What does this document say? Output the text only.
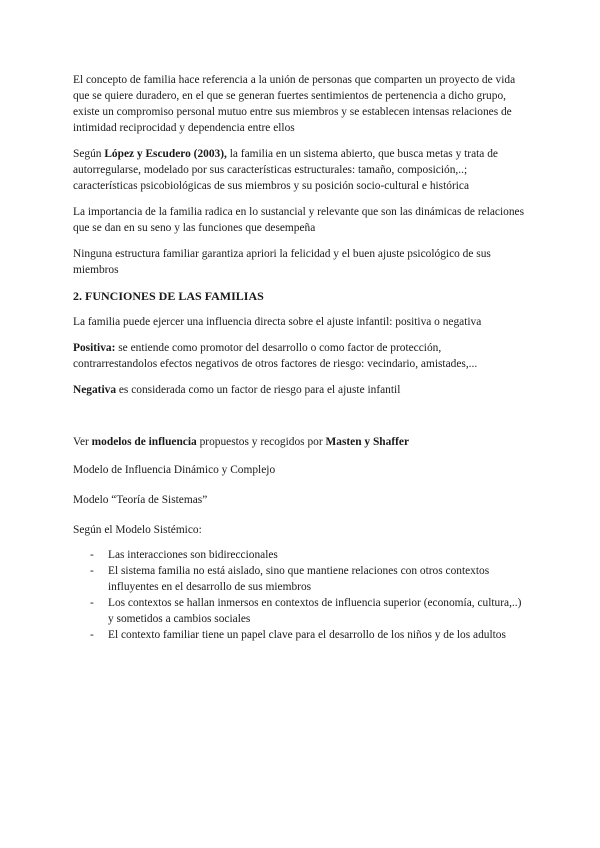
El concepto de familia hace referencia a la unión de personas que comparten un proyecto de vida que se quiere duradero, en el que se generan fuertes sentimientos de pertenencia a dicho grupo, existe un compromiso personal mutuo entre sus miembros y se establecen intensas relaciones de intimidad reciprocidad y dependencia entre ellos

Según López y Escudero (2003), la familia en un sistema abierto, que busca metas y trata de autorregularse, modelado por sus características estructurales: tamaño, composición,..; características psicobiológicas de sus miembros y su posición socio-cultural e histórica

La importancia de la familia radica en lo sustancial y relevante que son las dinámicas de relaciones que se dan en su seno y las funciones que desempeña

Ninguna estructura familiar garantiza apriori la felicidad y el buen ajuste psicológico de sus miembros

2. FUNCIONES DE LAS FAMILIAS

La familia puede ejercer una influencia directa sobre el ajuste infantil: positiva o negativa

Positiva: se entiende como promotor del desarrollo o como factor de protección, contrarrestandolos efectos negativos de otros factores de riesgo: vecindario, amistades,...

Negativa es considerada como un factor de riesgo para el ajuste infantil

Ver modelos de influencia propuestos y recogidos por Masten y Shaffer

Modelo de Influencia Dinámico y Complejo

Modelo “Teoría de Sistemas”

Según el Modelo Sistémico:

- Las interacciones son bidireccionales
- El sistema familia no está aislado, sino que mantiene relaciones con otros contextos influyentes en el desarrollo de sus miembros
- Los contextos se hallan inmersos en contextos de influencia superior (economía, cultura,..) y sometidos a cambios sociales
- El contexto familiar tiene un papel clave para el desarrollo de los niños y de los adultos
